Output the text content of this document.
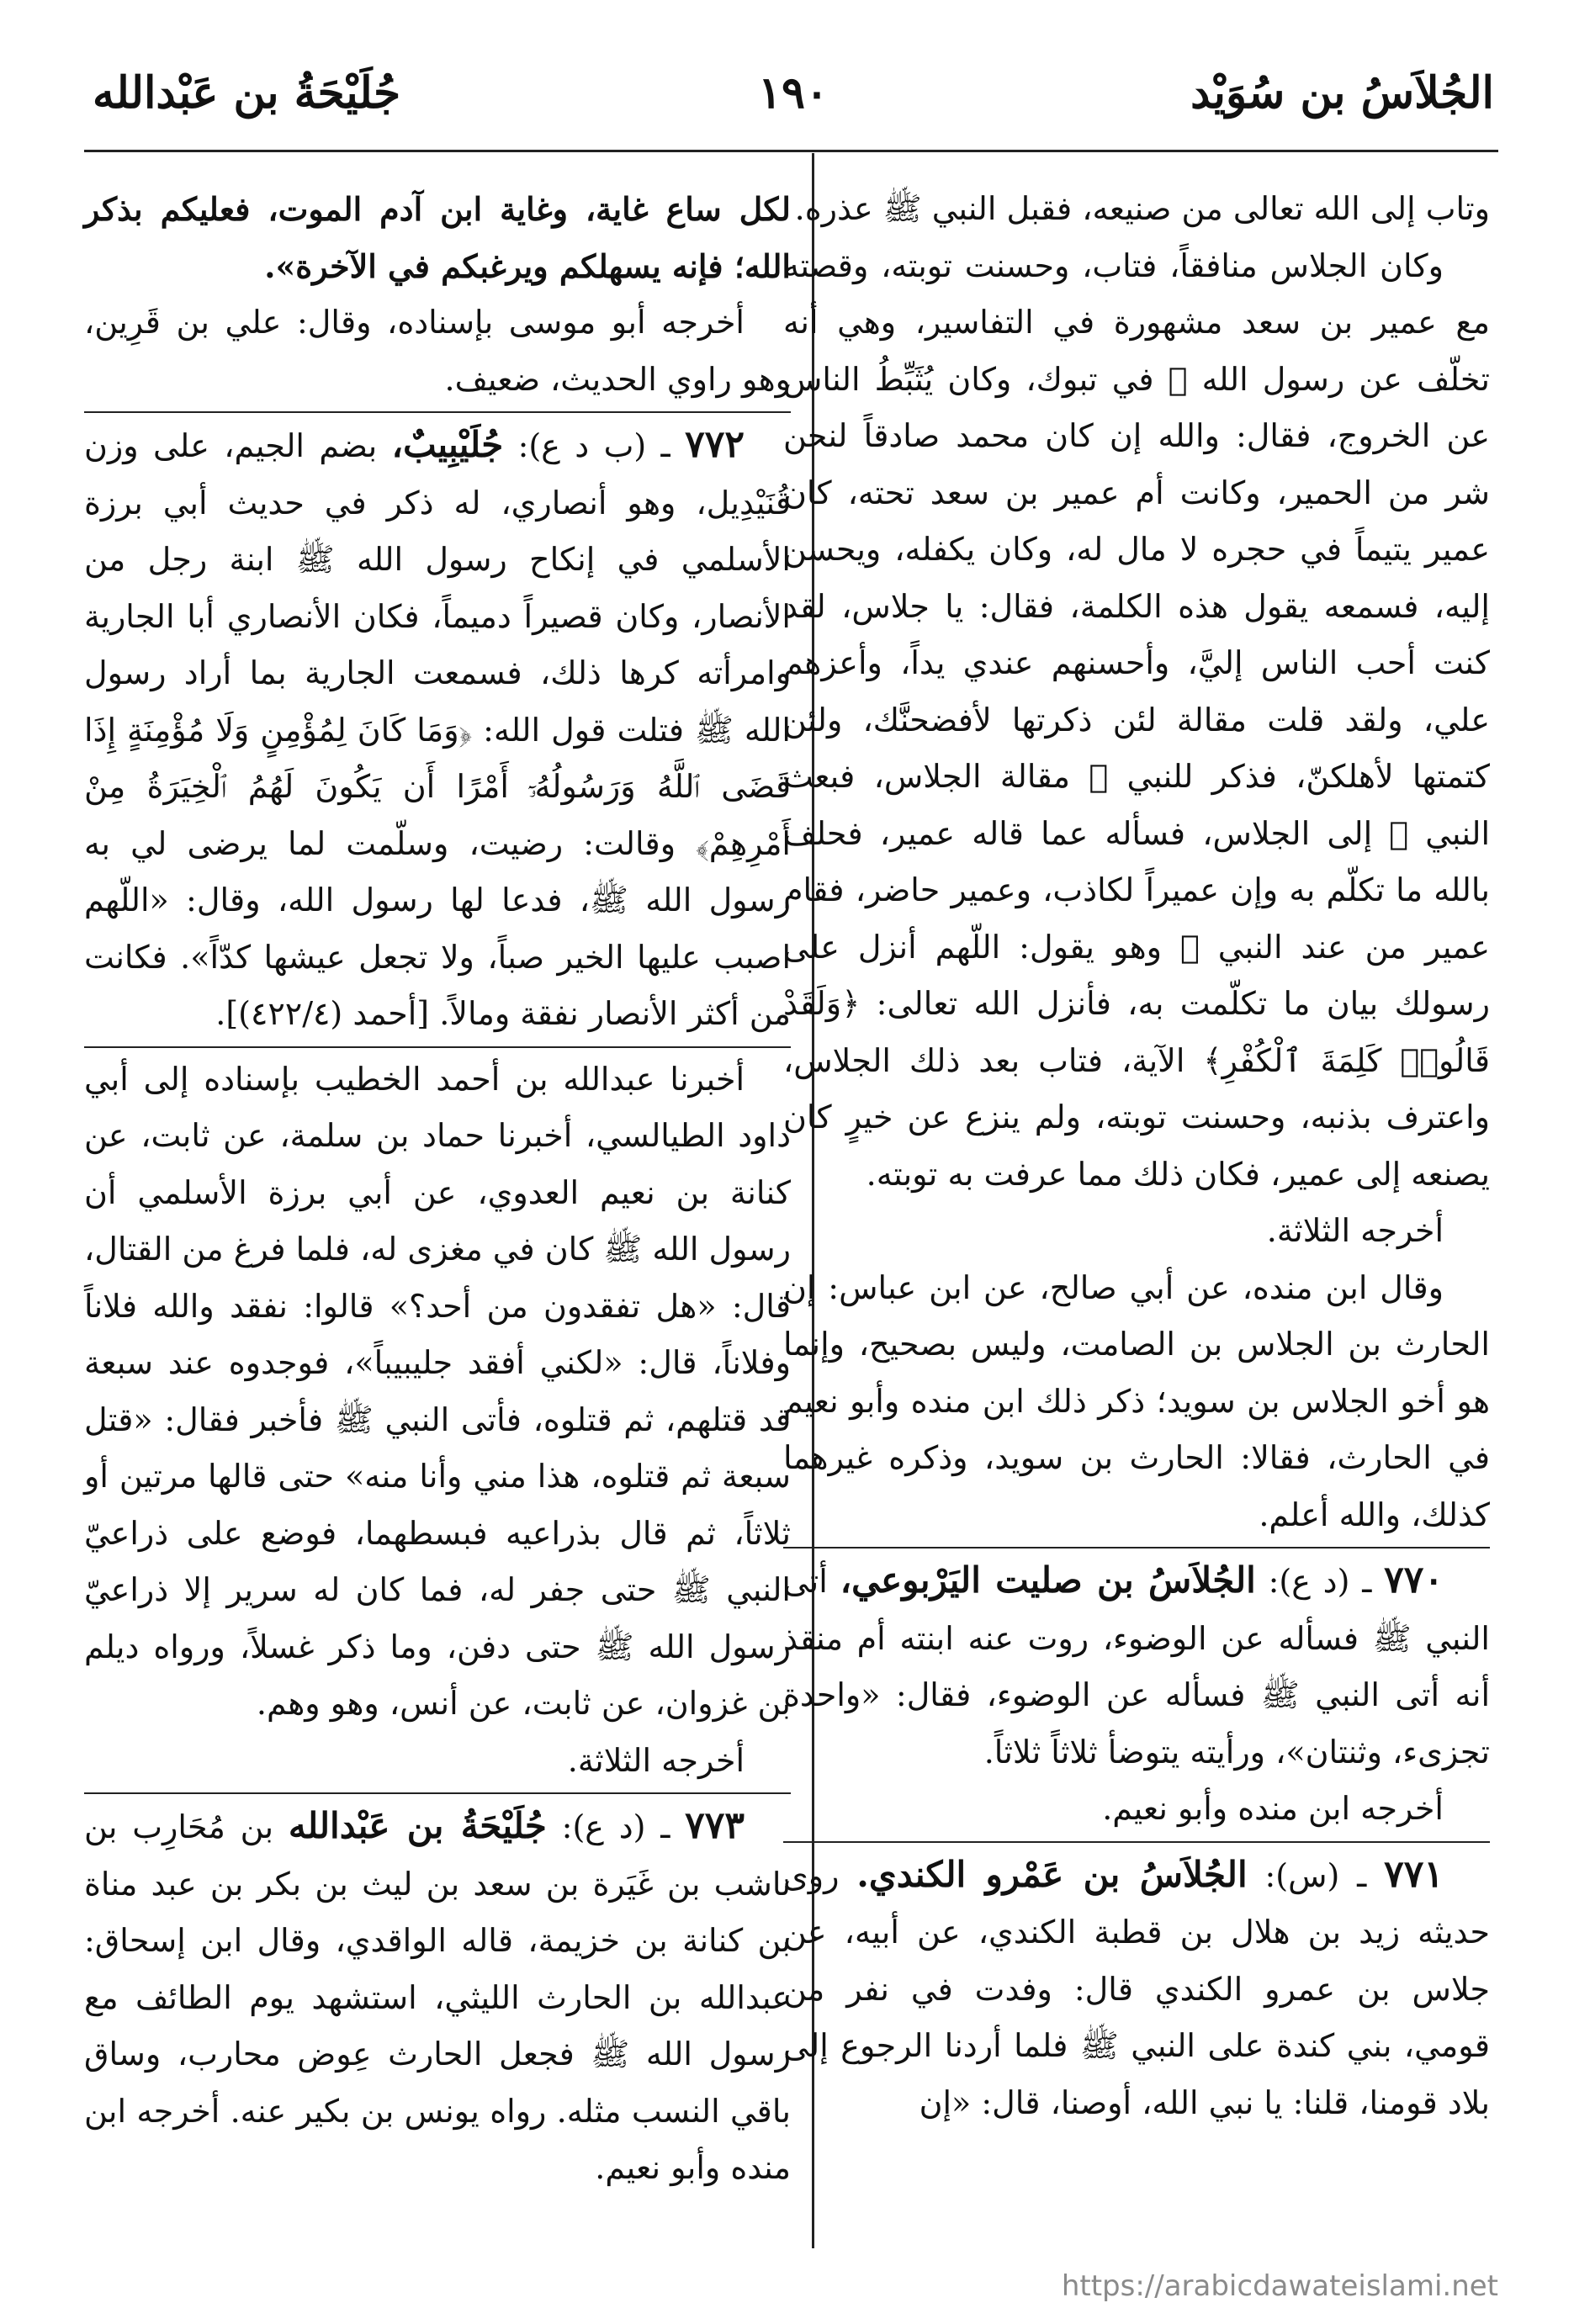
الجُلاَسُ بن سُوَيْد
١٩٠
جُلَيْحَةُ بن عَبْدالله

وتاب إلى الله تعالى من صنيعه، فقبل النبي ﷺ عذره.

وكان الجلاس منافقاً، فتاب، وحسنت توبته، وقصته مع عمير بن سعد مشهورة في التفاسير، وهي أنه تخلّف عن رسول الله ﷺ في تبوك، وكان يُثَبِّطُ الناس عن الخروج، فقال: والله إن كان محمد صادقاً لنحن شر من الحمير، وكانت أم عمير بن سعد تحته، كان عمير يتيماً في حجره لا مال له، وكان يكفله، ويحسن إليه، فسمعه يقول هذه الكلمة، فقال: يا جلاس، لقد كنت أحب الناس إليَّ، وأحسنهم عندي يداً، وأعزهم علي، ولقد قلت مقالة لئن ذكرتها لأفضحنَّك، ولئن كتمتها لأهلكنّ، فذكر للنبي ﷺ مقالة الجلاس، فبعث النبي ﷺ إلى الجلاس، فسأله عما قاله عمير، فحلف بالله ما تكلّم به وإن عميراً لكاذب، وعمير حاضر، فقام عمير من عند النبي ﷺ وهو يقول: اللّهم أنزل على رسولك بيان ما تكلّمت به، فأنزل الله تعالى: ﴿وَلَقَدْ قَالُوا۟ كَلِمَةَ ٱلْكُفْرِ﴾ الآية، فتاب بعد ذلك الجلاس، واعترف بذنبه، وحسنت توبته، ولم ينزع عن خيرٍ كان يصنعه إلى عمير، فكان ذلك مما عرفت به توبته.

أخرجه الثلاثة.

وقال ابن منده، عن أبي صالح، عن ابن عباس: إن الحارث بن الجلاس بن الصامت، وليس بصحيح، وإنما هو أخو الجلاس بن سويد؛ ذكر ذلك ابن منده وأبو نعيم في الحارث، فقالا: الحارث بن سويد، وذكره غيرهما كذلك، والله أعلم.

٧٧٠ ـ (د ع): الجُلاَسُ بن صليت اليَرْبوعي، أتى النبي ﷺ فسأله عن الوضوء، روت عنه ابنته أم منقذ أنه أتى النبي ﷺ فسأله عن الوضوء، فقال: «واحدة تجزىء، وثنتان»، ورأيته يتوضأ ثلاثاً ثلاثاً.

أخرجه ابن منده وأبو نعيم.

٧٧١ ـ (س): الجُلاَسُ بن عَمْرو الكندي. روى حديثه زيد بن هلال بن قطبة الكندي، عن أبيه، عن جلاس بن عمرو الكندي قال: وفدت في نفر من قومي، بني كندة على النبي ﷺ فلما أردنا الرجوع إلى بلاد قومنا، قلنا: يا نبي الله، أوصنا، قال: «إن

لكل ساع غاية، وغاية ابن آدم الموت، فعليكم بذكر الله؛ فإنه يسهلكم ويرغبكم في الآخرة».

أخرجه أبو موسى بإسناده، وقال: علي بن قَرِين، وهو راوي الحديث، ضعيف.

٧٧٢ ـ (ب د ع): جُلَيْبِيبٌ، بضم الجيم، على وزن قُنَيْدِيل، وهو أنصاري، له ذكر في حديث أبي برزة الأسلمي في إنكاح رسول الله ﷺ ابنة رجل من الأنصار، وكان قصيراً دميماً، فكان الأنصاري أبا الجارية وامرأته كرها ذلك، فسمعت الجارية بما أراد رسول الله ﷺ فتلت قول الله: ﴿وَمَا كَانَ لِمُؤْمِنٍ وَلَا مُؤْمِنَةٍ إِذَا قَضَى ٱللَّهُ وَرَسُولُهُۥٓ أَمْرًا أَن يَكُونَ لَهُمُ ٱلْخِيَرَةُ مِنْ أَمْرِهِمْ﴾ وقالت: رضيت، وسلّمت لما يرضى لي به رسول الله ﷺ، فدعا لها رسول الله، وقال: «اللّهم اصبب عليها الخير صباً، ولا تجعل عيشها كدّاً». فكانت من أكثر الأنصار نفقة ومالاً. [أحمد (٤٢٢/٤)].

أخبرنا عبدالله بن أحمد الخطيب بإسناده إلى أبي داود الطيالسي، أخبرنا حماد بن سلمة، عن ثابت، عن كنانة بن نعيم العدوي، عن أبي برزة الأسلمي أن رسول الله ﷺ كان في مغزى له، فلما فرغ من القتال، قال: «هل تفقدون من أحد؟» قالوا: نفقد والله فلاناً وفلاناً، قال: «لكني أفقد جليبيباً»، فوجدوه عند سبعة قد قتلهم، ثم قتلوه، فأتى النبي ﷺ فأخبر فقال: «قتل سبعة ثم قتلوه، هذا مني وأنا منه» حتى قالها مرتين أو ثلاثاً، ثم قال بذراعيه فبسطهما، فوضع على ذراعيّ النبي ﷺ حتى جفر له، فما كان له سرير إلا ذراعيّ رسول الله ﷺ حتى دفن، وما ذكر غسلاً، ورواه ديلم بن غزوان، عن ثابت، عن أنس، وهو وهم.

أخرجه الثلاثة.

٧٧٣ ـ (د ع): جُلَيْحَةُ بن عَبْدالله بن مُحَارِب بن ناشب بن غَيَرة بن سعد بن ليث بن بكر بن عبد مناة بن كنانة بن خزيمة، قاله الواقدي، وقال ابن إسحاق: عبدالله بن الحارث الليثي، استشهد يوم الطائف مع رسول الله ﷺ فجعل الحارث عِوض محارب، وساق باقي النسب مثله. رواه يونس بن بكير عنه. أخرجه ابن منده وأبو نعيم.

https://arabicdawateislami.net
